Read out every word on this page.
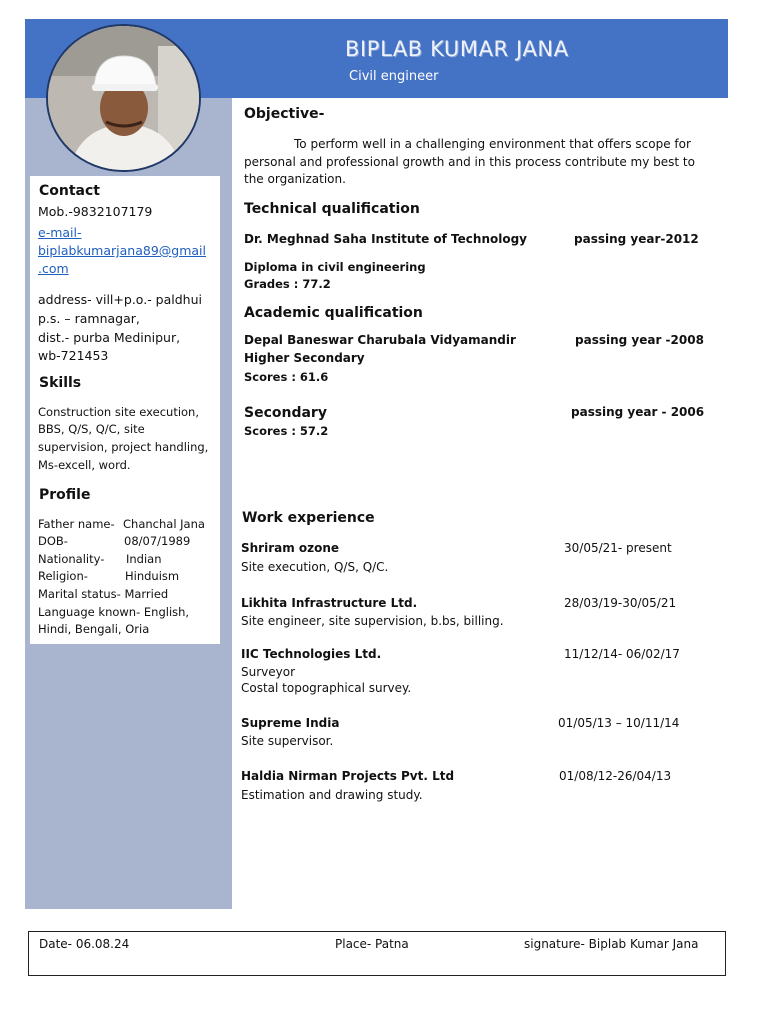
BIPLAB KUMAR JANA
Civil engineer
Contact
Mob.-9832107179
e-mail-
biplabkumarjana89@gmail
.com
address- vill+p.o.- paldhui
p.s. – ramnagar,
dist.- purba Medinipur,
wb-721453
Skills
Construction site execution,
BBS, Q/S, Q/C, site
supervision, project handling,
Ms-excell, word.
Profile
Father name- Chanchal Jana
DOB-	08/07/1989
Nationality- Indian
Religion-	Hinduism
Marital status- Married
Language known- English,
Hindi, Bengali, Oria
Objective-
To perform well in a challenging environment that offers scope for personal and professional growth and in this process contribute my best to the organization.
Technical qualification
Dr. Meghnad Saha Institute of Technology	passing year-2012
Diploma in civil engineering
Grades : 77.2
Academic qualification
Depal Baneswar Charubala Vidyamandir	passing year -2008
Higher Secondary
Scores : 61.6
Secondary	passing year - 2006
Scores : 57.2
Work experience
Shriram ozone	30/05/21- present
Site execution, Q/S, Q/C.
Likhita Infrastructure Ltd.	28/03/19-30/05/21
Site engineer, site supervision, b.bs, billing.
IIC Technologies Ltd.	11/12/14- 06/02/17
Surveyor
Costal topographical survey.
Supreme India	01/05/13 – 10/11/14
Site supervisor.
Haldia Nirman Projects Pvt. Ltd	01/08/12-26/04/13
Estimation and drawing study.
Date- 06.08.24	Place- Patna	signature- Biplab Kumar Jana
